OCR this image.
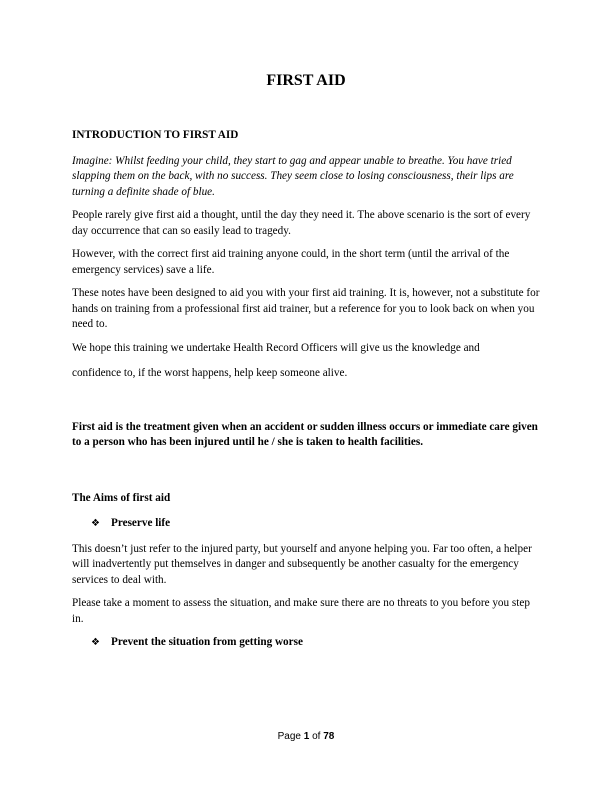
FIRST AID
INTRODUCTION TO FIRST AID

Imagine: Whilst feeding your child, they start to gag and appear unable to breathe. You have tried slapping them on the back, with no success. They seem close to losing consciousness, their lips are turning a definite shade of blue.

People rarely give first aid a thought, until the day they need it. The above scenario is the sort of every day occurrence that can so easily lead to tragedy.

However, with the correct first aid training anyone could, in the short term (until the arrival of the emergency services) save a life.

These notes have been designed to aid you with your first aid training. It is, however, not a substitute for hands on training from a professional first aid trainer, but a reference for you to look back on when you need to.

We hope this training we undertake Health Record Officers will give us the knowledge and

confidence to, if the worst happens, help keep someone alive.

First aid is the treatment given when an accident or sudden illness occurs or immediate care given to a person who has been injured until he / she is taken to health facilities.

The Aims of first aid
❖ Preserve life

This doesn’t just refer to the injured party, but yourself and anyone helping you. Far too often, a helper will inadvertently put themselves in danger and subsequently be another casualty for the emergency services to deal with.

Please take a moment to assess the situation, and make sure there are no threats to you before you step in.

❖ Prevent the situation from getting worse
Page 1 of 78
